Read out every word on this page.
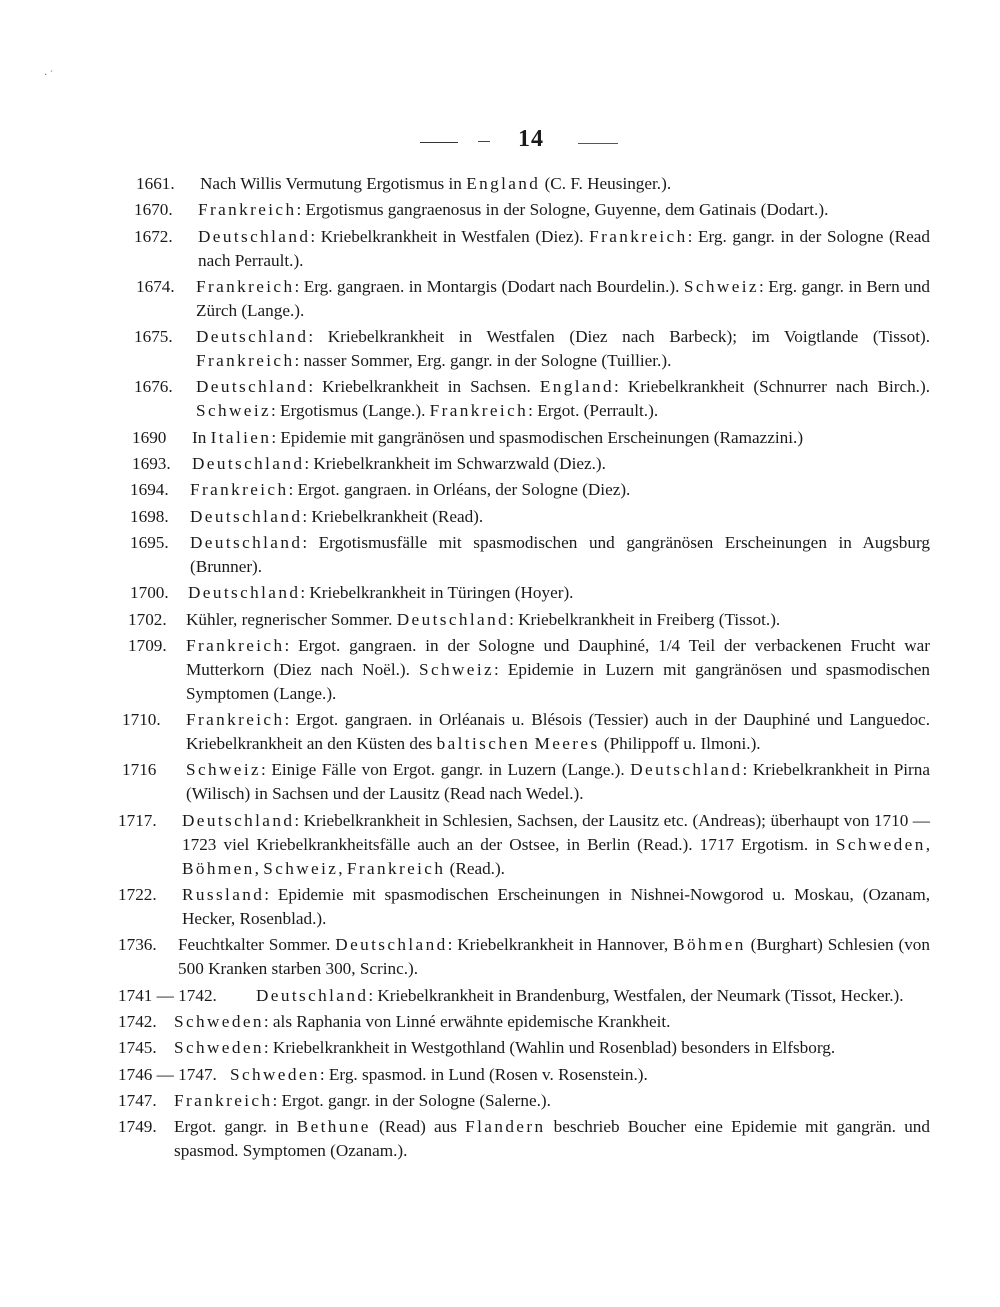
· ´
14
1661. Nach Willis Vermutung Ergotismus in England (C. F. Heusinger.).
1670. Frankreich: Ergotismus gangraenosus in der Sologne, Guyenne, dem Gatinais (Dodart.).
1672. Deutschland: Kriebelkrankheit in Westfalen (Diez). Frankreich: Erg. gangr. in der Sologne (Read nach Perrault.).
1674. Frankreich: Erg. gangraen. in Montargis (Dodart nach Bourdelin.). Schweiz: Erg. gangr. in Bern und Zürch (Lange.).
1675. Deutschland: Kriebelkrankheit in Westfalen (Diez nach Barbeck); im Voigtlande (Tissot). Frankreich: nasser Sommer, Erg. gangr. in der Sologne (Tuillier.).
1676. Deutschland: Kriebelkrankheit in Sachsen. England: Kriebelkrankheit (Schnurrer nach Birch.). Schweiz: Ergotismus (Lange.). Frankreich: Ergot. (Perrault.).
1690 In Italien: Epidemie mit gangränösen und spasmodischen Erscheinungen (Ramazzini.)
1693. Deutschland: Kriebelkrankheit im Schwarzwald (Diez.).
1694. Frankreich: Ergot. gangraen. in Orléans, der Sologne (Diez).
1698. Deutschland: Kriebelkrankheit (Read).
1695. Deutschland: Ergotismusfälle mit spasmodischen und gangränösen Erscheinungen in Augsburg (Brunner).
1700. Deutschland: Kriebelkrankheit in Türingen (Hoyer).
1702. Kühler, regnerischer Sommer. Deutschland: Kriebelkrankheit in Freiberg (Tissot.).
1709. Frankreich: Ergot. gangraen. in der Sologne und Dauphiné, 1/4 Teil der verbackenen Frucht war Mutterkorn (Diez nach Noël.). Schweiz: Epidemie in Luzern mit gangränösen und spasmodischen Symptomen (Lange.).
1710. Frankreich: Ergot. gangraen. in Orléanais u. Blésois (Tessier) auch in der Dauphiné und Languedoc. Kriebelkrankheit an den Küsten des baltischen Meeres (Philippoff u. Ilmoni.).
1716 Schweiz: Einige Fälle von Ergot. gangr. in Luzern (Lange.). Deutschland: Kriebelkrankheit in Pirna (Wilisch) in Sachsen und der Lausitz (Read nach Wedel.).
1717. Deutschland: Kriebelkrankheit in Schlesien, Sachsen, der Lausitz etc. (Andreas); überhaupt von 1710 — 1723 viel Kriebelkrankheitsfälle auch an der Ostsee, in Berlin (Read.). 1717 Ergotism. in Schweden, Böhmen, Schweiz, Frankreich (Read.).
1722. Russland: Epidemie mit spasmodischen Erscheinungen in Nishnei-Nowgorod u. Moskau, (Ozanam, Hecker, Rosenblad.).
1736. Feuchtkalter Sommer. Deutschland: Kriebelkrankheit in Hannover, Böhmen (Burghart) Schlesien (von 500 Kranken starben 300, Scrinc.).
1741 — 1742. Deutschland: Kriebelkrankheit in Brandenburg, Westfalen, der Neumark (Tissot, Hecker.).
1742. Schweden: als Raphania von Linné erwähnte epidemische Krankheit.
1745. Schweden: Kriebelkrankheit in Westgothland (Wahlin und Rosenblad) besonders in Elfsborg.
1746 — 1747. Schweden: Erg. spasmod. in Lund (Rosen v. Rosenstein.).
1747. Frankreich: Ergot. gangr. in der Sologne (Salerne.).
1749. Ergot. gangr. in Bethune (Read) aus Flandern beschrieb Boucher eine Epidemie mit gangrän. und spasmod. Symptomen (Ozanam.).
